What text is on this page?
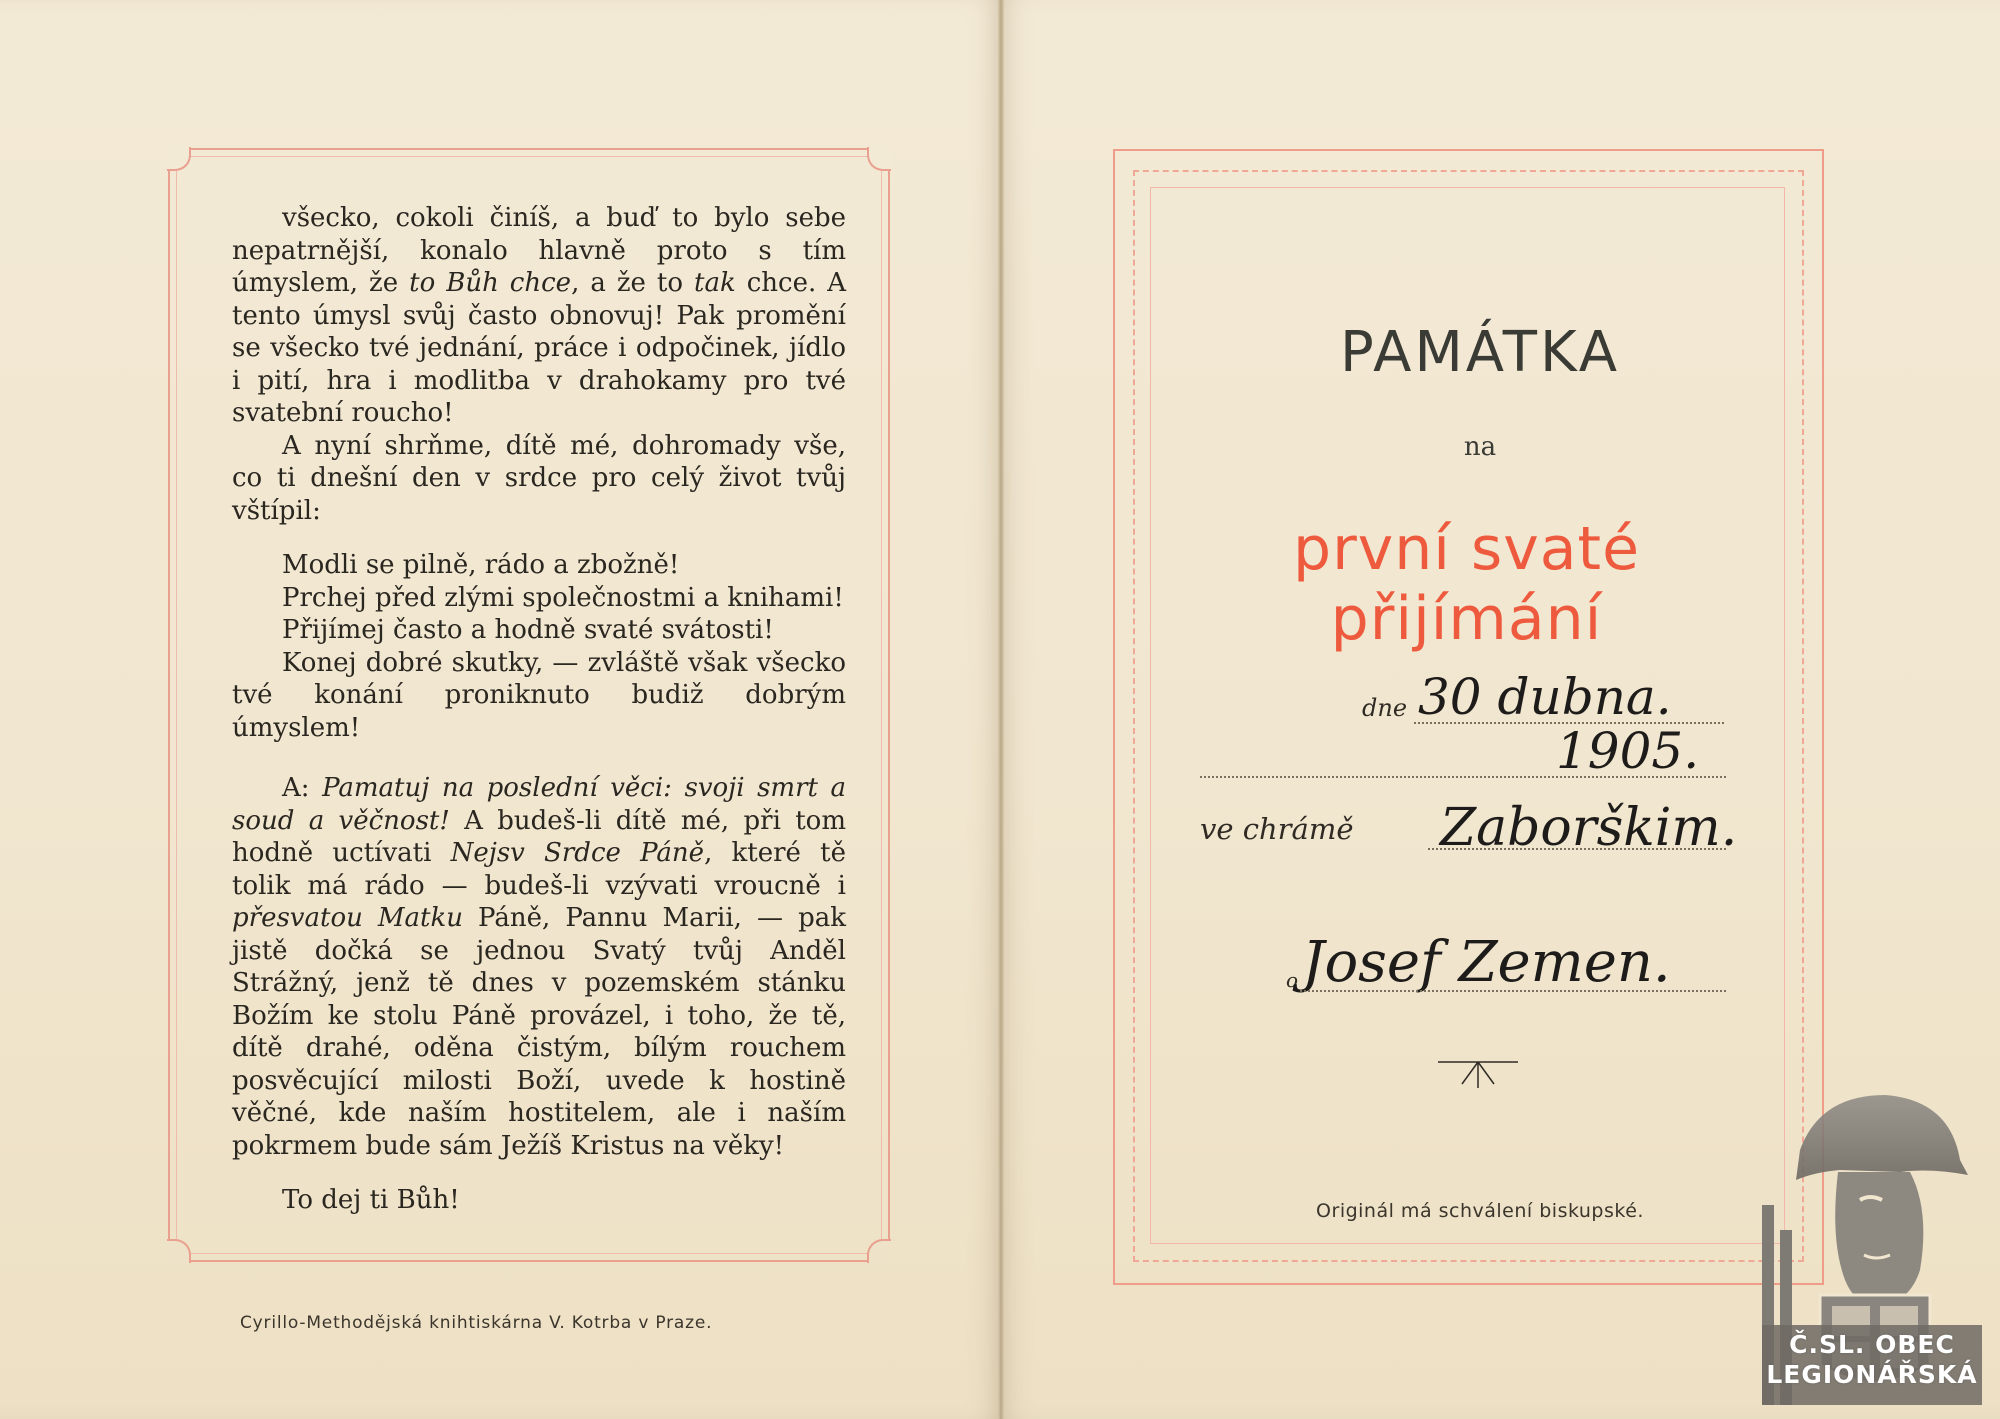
všecko, cokoli činíš, a buď to bylo sebe nepatrnější, konalo hlavně proto s tím úmyslem, že to Bůh chce, a že to tak chce. A tento úmysl svůj často obnovuj! Pak promění se všecko tvé jednání, práce i odpočinek, jídlo i pití, hra i modlitba v drahokamy pro tvé svatební roucho!

A nyní shrňme, dítě mé, dohromady vše, co ti dnešní den v srdce pro celý život tvůj vštípil:

Modli se pilně, rádo a zbožně!

Prchej před zlými společnostmi a knihami!

Přijímej často a hodně svaté svátosti!

Konej dobré skutky, — zvláště však všecko tvé konání proniknuto budiž dobrým úmyslem!

A: Pamatuj na poslední věci: svoji smrt a soud a věčnost! A budeš-li dítě mé, při tom hodně uctívati Nejsv Srdce Páně, které tě tolik má rádo — budeš-li vzývati vroucně i přesvatou Matku Páně, Pannu Marii, — pak jistě dočká se jednou Svatý tvůj Anděl Strážný, jenž tě dnes v pozemském stánku Božím ke stolu Páně provázel, i toho, že tě, dítě drahé, oděna čistým, bílým rouchem posvěcující milosti Boží, uvede k hostině věčné, kde naším hostitelem, ale i naším pokrmem bude sám Ježíš Kristus na věky!

To dej ti Bůh!

Cyrillo-Methodějská knihtiskárna V. Kotrba v Praze.
PAMÁTKA
na
první svaté přijímání
dne 30 dubna.
1905.
ve chrámě Zaborškim.
o Josef Zemen.
Originál má schválení biskupské.
Č.SL. OBEC
LEGIONÁŘSKÁ
